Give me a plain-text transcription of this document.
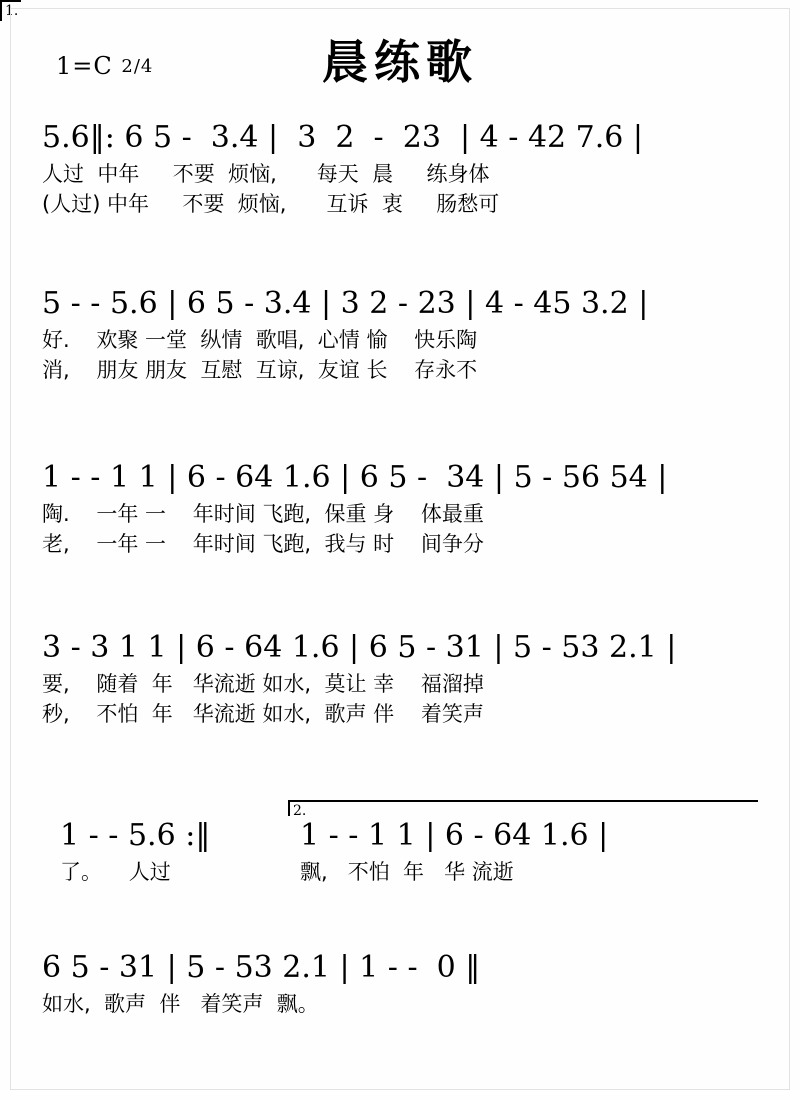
晨练歌
1=C 2/4
5.6‖: 6 5 -  3.4 |  3  2  -  23  | 4 - 42 7.6 |
人过  中年     不要  烦恼,      每天  晨     练身体
(人过) 中年     不要  烦恼,      互诉  衷     肠愁可
5 - - 5.6 | 6 5 - 3.4 | 3 2 - 23 | 4 - 45 3.2 |
好.    欢聚 一堂  纵情  歌唱,  心情 愉    快乐陶
消,    朋友 朋友  互慰  互谅,  友谊 长    存永不
1 - - 1 1 | 6 - 64 1.6 | 6 5 -  34 | 5 - 56 54 |
陶.    一年 一    年时间 飞跑,  保重 身    体最重
老,    一年 一    年时间 飞跑,  我与 时    间争分
3 - 3 1 1 | 6 - 64 1.6 | 6 5 - 31 | 5 - 53 2.1 |
要,    随着  年   华流逝 如水,  莫让 幸    福溜掉
秒,    不怕  年   华流逝 如水,  歌声 伴    着笑声
1.
2.
1 - - 5.6 :‖
了。    人过
1 - - 1 1 | 6 - 64 1.6 |
飘,   不怕  年   华 流逝
6 5 - 31 | 5 - 53 2.1 | 1 - -  0 ‖
如水,  歌声  伴   着笑声  飘。
